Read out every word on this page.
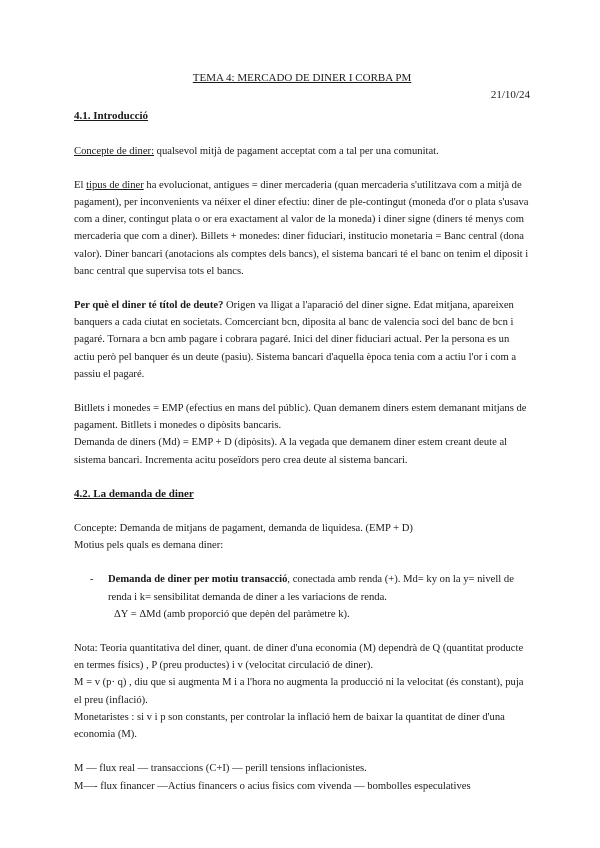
TEMA 4: MERCADO DE DINER I CORBA PM

21/10/24

4.1. Introducció

Concepte de diner: qualsevol mitjà de pagament acceptat com a tal per una comunitat.

El tipus de diner ha evolucionat, antigues = diner mercaderia (quan mercaderia s'utilitzava com a mitjà de pagament), per inconvenients va néixer el diner efectiu: diner de ple-contingut (moneda d'or o plata s'usava com a diner, contingut plata o or era exactament al valor de la moneda) i diner signe (diners té menys com mercaderia que com a diner). Billets + monedes: diner fiduciari, institucio monetaria = Banc central (dona valor). Diner bancari (anotacions als comptes dels bancs), el sistema bancari té el banc on tenim el diposit i banc central que supervisa tots el bancs.

Per què el diner té títol de deute? Origen va lligat a l'aparació del diner signe. Edat mitjana, apareixen banquers a cada ciutat en societats. Comcerciant bcn, diposita al banc de valencia soci del banc de bcn i pagaré. Tornara a bcn amb pagare i cobrara pagaré. Inici del diner fiduciari actual. Per la persona es un actiu però pel banquer és un deute (pasiu). Sistema bancari d'aquella època tenia com a actiu l'or i com a passiu el pagaré.

Bitllets i monedes = EMP (efectius en mans del públic). Quan demanem diners estem demanant mitjans de pagament. Bitllets i monedes o dipòsits bancaris.

Demanda de diners (Md) = EMP + D (dipòsits). A la vegada que demanem diner estem creant deute al sistema bancari. Incrementa acitu poseïdors pero crea deute al sistema bancari.

4.2. La demanda de diner

Concepte: Demanda de mitjans de pagament, demanda de liquidesa. (EMP + D)

Motius pels quals es demana diner:

- Demanda de diner per motiu transacció, conectada amb renda (+). Md= ky on la y= nivell de renda i k= sensibilitat demanda de diner a les variacions de renda.

ΔY = ΔMd (amb proporció que depèn del paràmetre k).

Nota: Teoria quantitativa del diner, quant. de diner d'una economia (M) dependrà de Q (quantitat producte en termes físics) , P (preu productes) i v (velocitat circulació de diner).

M = v (p· q) , diu que si augmenta M i a l'hora no augmenta la producció ni la velocitat (és constant), puja el preu (inflació).

Monetaristes : si v i p son constants, per controlar la inflació hem de baixar la quantitat de diner d'una economia (M).

M — flux real — transaccions (C+I) — perill tensions inflacionistes.

M—- flux financer —Actius financers o acius fisics com vivenda — bombolles especulatives
